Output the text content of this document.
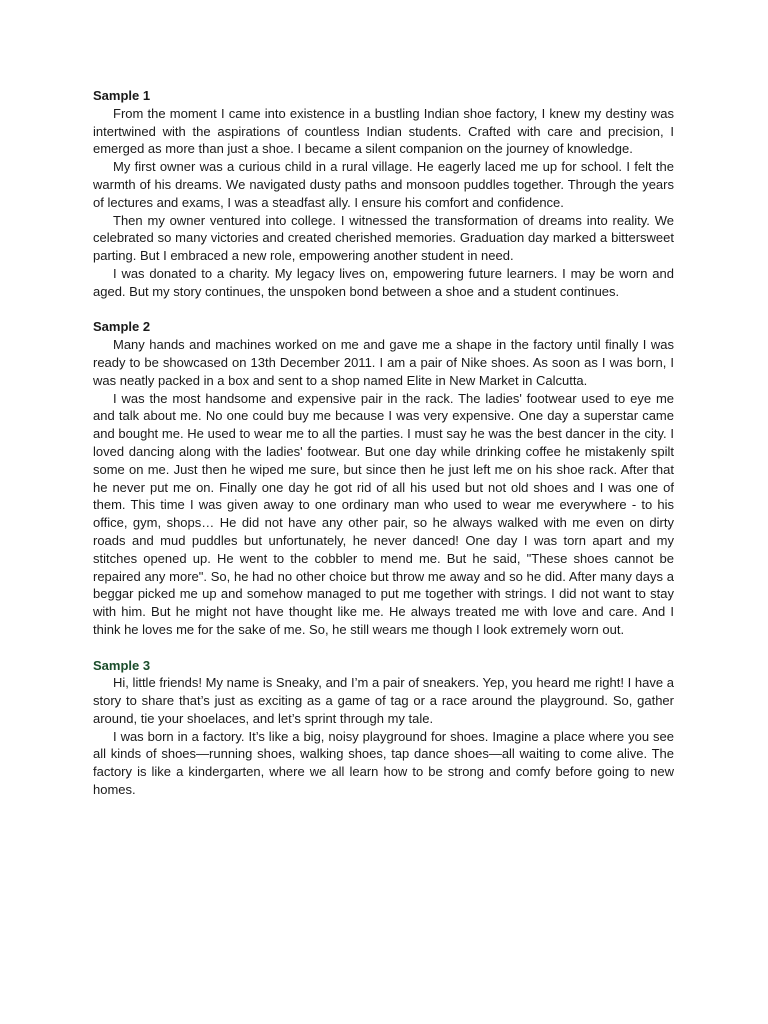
Sample 1

From the moment I came into existence in a bustling Indian shoe factory, I knew my destiny was intertwined with the aspirations of countless Indian students. Crafted with care and precision, I emerged as more than just a shoe. I became a silent companion on the journey of knowledge.

My first owner was a curious child in a rural village. He eagerly laced me up for school. I felt the warmth of his dreams. We navigated dusty paths and monsoon puddles together. Through the years of lectures and exams, I was a steadfast ally. I ensure his comfort and confidence.

Then my owner ventured into college. I witnessed the transformation of dreams into reality. We celebrated so many victories and created cherished memories. Graduation day marked a bittersweet parting. But I embraced a new role, empowering another student in need.

I was donated to a charity. My legacy lives on, empowering future learners. I may be worn and aged. But my story continues, the unspoken bond between a shoe and a student continues.

Sample 2

Many hands and machines worked on me and gave me a shape in the factory until finally I was ready to be showcased on 13th December 2011. I am a pair of Nike shoes. As soon as I was born, I was neatly packed in a box and sent to a shop named Elite in New Market in Calcutta.

I was the most handsome and expensive pair in the rack. The ladies' footwear used to eye me and talk about me. No one could buy me because I was very expensive. One day a superstar came and bought me. He used to wear me to all the parties. I must say he was the best dancer in the city. I loved dancing along with the ladies' footwear. But one day while drinking coffee he mistakenly spilt some on me. Just then he wiped me sure, but since then he just left me on his shoe rack. After that he never put me on. Finally one day he got rid of all his used but not old shoes and I was one of them. This time I was given away to one ordinary man who used to wear me everywhere - to his office, gym, shops… He did not have any other pair, so he always walked with me even on dirty roads and mud puddles but unfortunately, he never danced! One day I was torn apart and my stitches opened up. He went to the cobbler to mend me. But he said, "These shoes cannot be repaired any more". So, he had no other choice but throw me away and so he did. After many days a beggar picked me up and somehow managed to put me together with strings. I did not want to stay with him. But he might not have thought like me. He always treated me with love and care. And I think he loves me for the sake of me. So, he still wears me though I look extremely worn out.

Sample 3

Hi, little friends! My name is Sneaky, and I’m a pair of sneakers. Yep, you heard me right! I have a story to share that’s just as exciting as a game of tag or a race around the playground. So, gather around, tie your shoelaces, and let’s sprint through my tale.

I was born in a factory. It’s like a big, noisy playground for shoes. Imagine a place where you see all kinds of shoes—running shoes, walking shoes, tap dance shoes—all waiting to come alive. The factory is like a kindergarten, where we all learn how to be strong and comfy before going to new homes.
